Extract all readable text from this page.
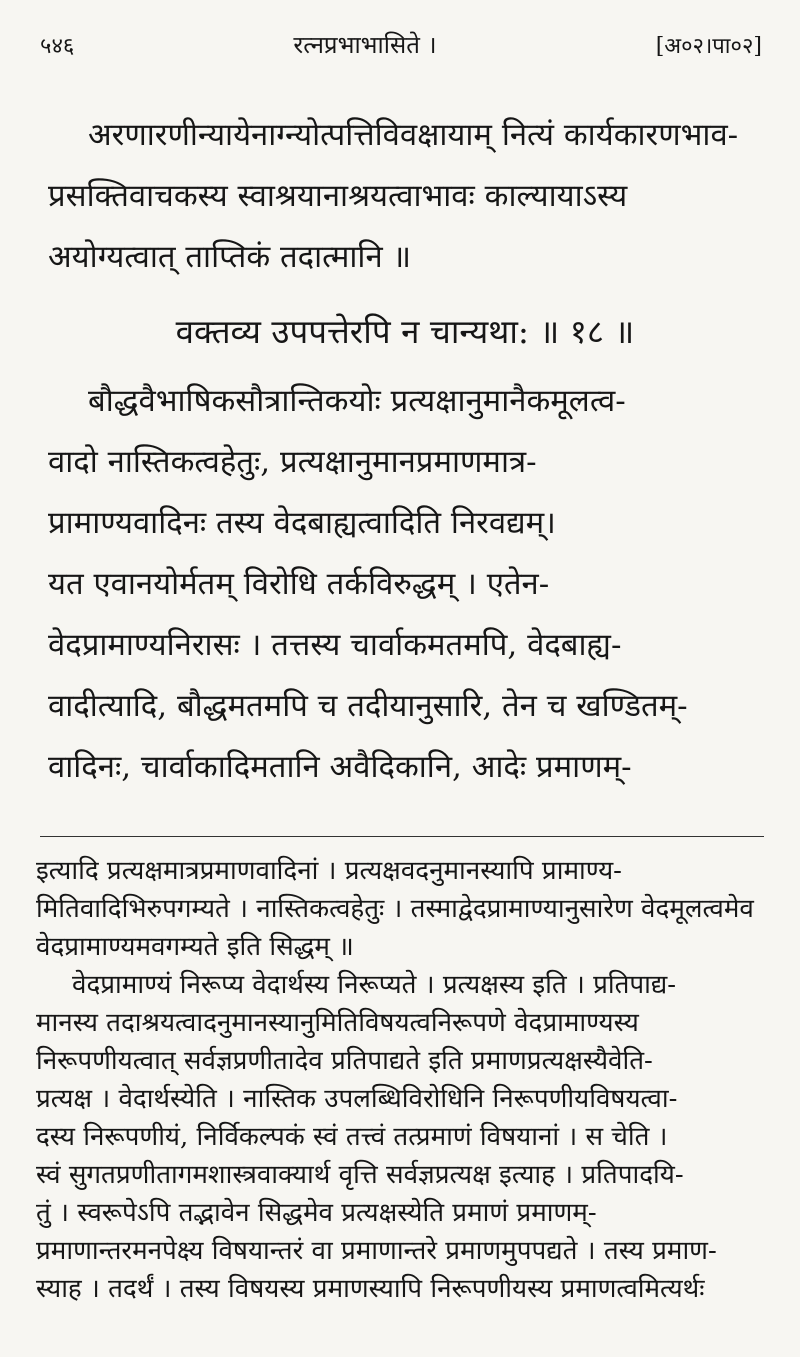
५४६	रत्नप्रभाभासिते ।	[अ०२।पा०२]

अरणारणीन्यायेनाग्न्योत्पत्तिविवक्षायाम् नित्यं कार्यकारणभाव-
प्रसक्तिवाचकस्य स्वाश्रयानाश्रयत्वाभावः काल्यायाऽस्य
अयोग्यत्वात् ताप्तिकं तदात्मानि ॥

वक्तव्य उपपत्तेरपि न चान्यथा: ॥ १८ ॥

बौद्धवैभाषिकसौत्रान्तिकयोः प्रत्यक्षानुमानैकमूलत्व-
वादो नास्तिकत्वहेतुः, प्रत्यक्षानुमानप्रमाणमात्र-
प्रामाण्यवादिनः तस्य वेदबाह्यत्वादिति निरवद्यम्।
यत एवानयोर्मतम् विरोधि तर्कविरुद्धम् । एतेन-
वेदप्रामाण्यनिरासः । तत्तस्य चार्वाकमतमपि, वेदबाह्य-
वादीत्यादि, बौद्धमतमपि च तदीयानुसारि, तेन च खण्डितम्-
वादिनः, चार्वाकादिमतानि अवैदिकानि, आदेः प्रमाणम्-

इत्यादि प्रत्यक्षमात्रप्रमाणवादिनां । प्रत्यक्षवदनुमानस्यापि प्रामाण्य-
मितिवादिभिरुपगम्यते । नास्तिकत्वहेतुः । तस्माद्वेदप्रामाण्यानुसारेण वेदमूलत्वमेव
वेदप्रामाण्यमवगम्यते इति सिद्धम् ॥
वेदप्रामाण्यं निरूप्य वेदार्थस्य निरूप्यते । प्रत्यक्षस्य इति । प्रतिपाद्य-
मानस्य तदाश्रयत्वादनुमानस्यानुमितिविषयत्वनिरूपणे वेदप्रामाण्यस्य
निरूपणीयत्वात् सर्वज्ञप्रणीतादेव प्रतिपाद्यते इति प्रमाणप्रत्यक्षस्यैवेति-
प्रत्यक्ष । वेदार्थस्येति । नास्तिक उपलब्धिविरोधिनि निरूपणीयविषयत्वा-
दस्य निरूपणीयं, निर्विकल्पकं स्वं तत्त्वं तत्प्रमाणं विषयानां । स चेति ।
स्वं सुगतप्रणीतागमशास्त्रवाक्यार्थ वृत्ति सर्वज्ञप्रत्यक्ष इत्याह । प्रतिपादयि-
तुं । स्वरूपेऽपि तद्भावेन सिद्धमेव प्रत्यक्षस्येति प्रमाणं प्रमाणम्-
प्रमाणान्तरमनपेक्ष्य विषयान्तरं वा प्रमाणान्तरे प्रमाणमुपपद्यते । तस्य प्रमाण-
स्याह । तदर्थं । तस्य विषयस्य प्रमाणस्यापि निरूपणीयस्य प्रमाणत्वमित्यर्थः
